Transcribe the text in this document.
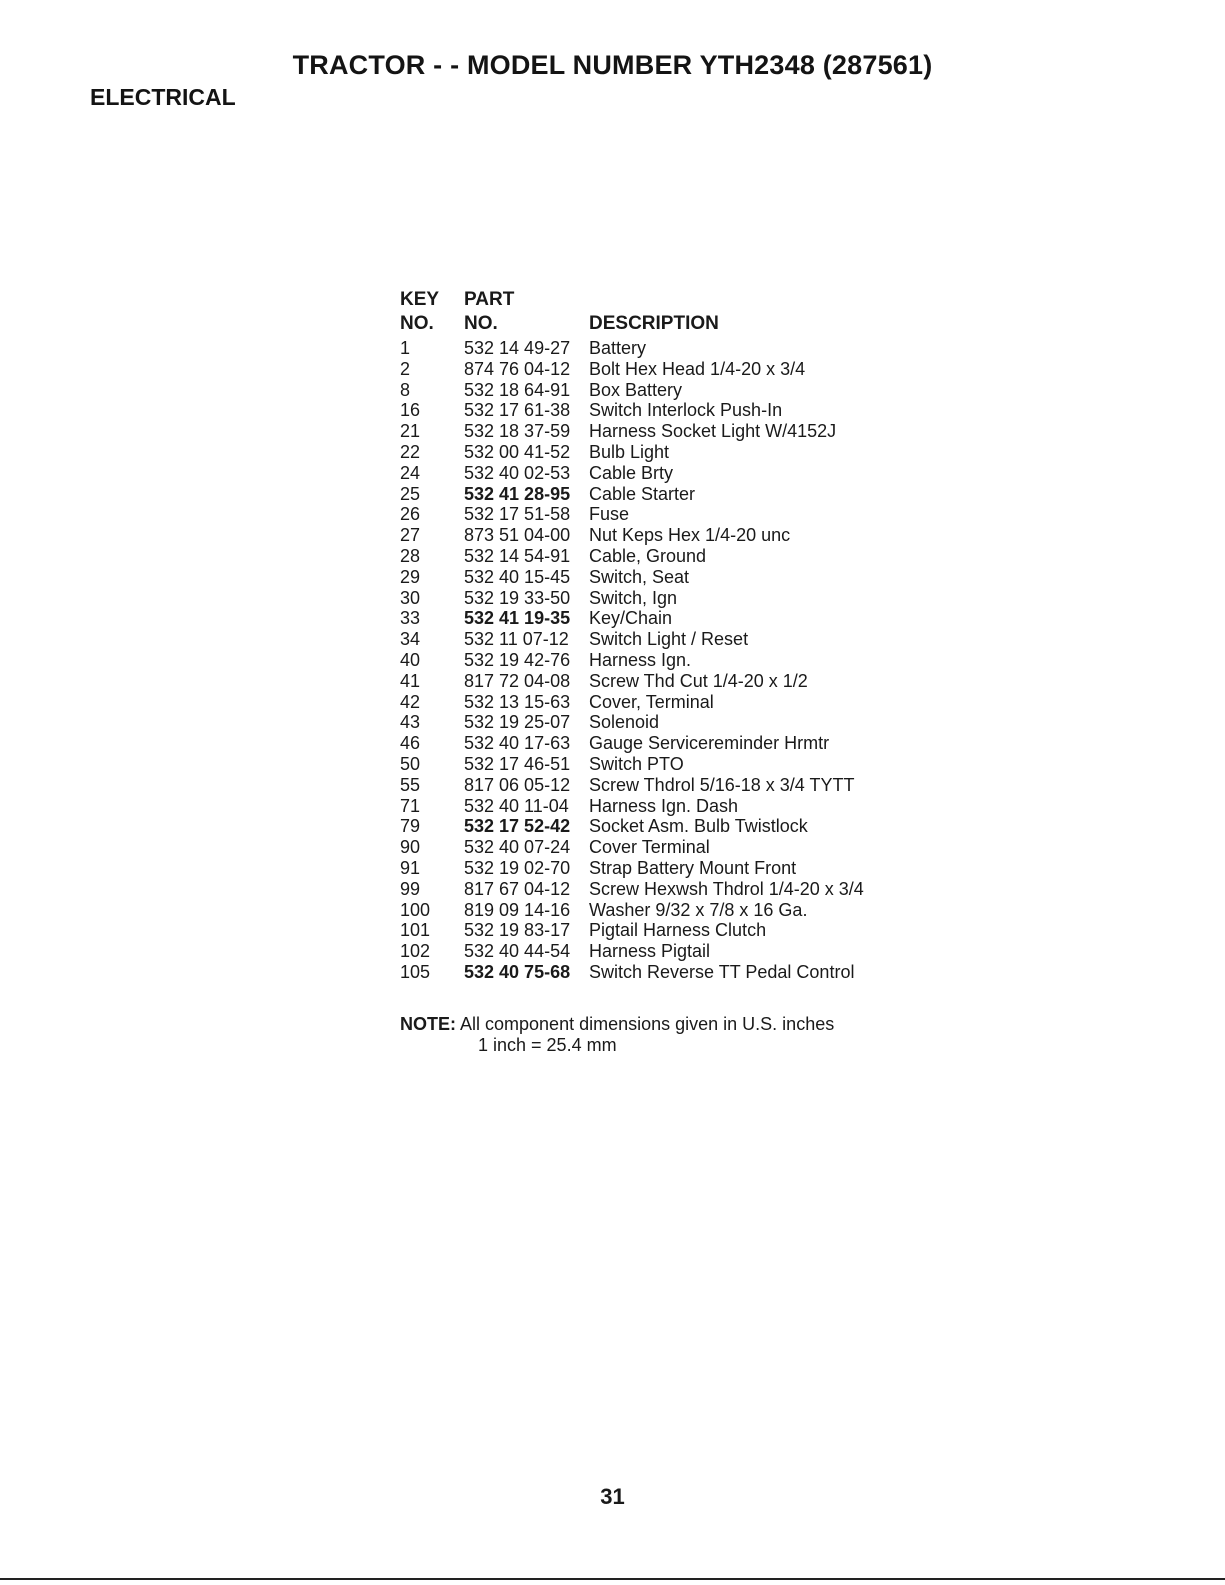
TRACTOR - - MODEL NUMBER YTH2348 (287561)
ELECTRICAL
KEY PART
NO. NO.	DESCRIPTION
1	532 14 49-27 Battery
2	874 76 04-12 Bolt Hex Head 1/4-20 x 3/4
8	532 18 64-91 Box Battery
16 532 17 61-38 Switch Interlock Push-In
21 532 18 37-59 Harness Socket Light W/4152J
22 532 00 41-52 Bulb Light
24 532 40 02-53 Cable Brty
25 532 41 28-95 Cable Starter
26 532 17 51-58 Fuse
27 873 51 04-00 Nut Keps Hex 1/4-20 unc
28 532 14 54-91 Cable, Ground
29 532 40 15-45 Switch, Seat
30 532 19 33-50 Switch, Ign
33 532 41 19-35 Key/Chain
34 532 11 07-12 Switch Light / Reset
40 532 19 42-76 Harness Ign.
41 817 72 04-08 Screw Thd Cut 1/4-20 x 1/2
42 532 13 15-63 Cover, Terminal
43 532 19 25-07 Solenoid
46 532 40 17-63 Gauge Servicereminder Hrmtr
50 532 17 46-51 Switch PTO
55 817 06 05-12 Screw Thdrol 5/16-18 x 3/4 TYTT
71 532 40 11-04 Harness Ign. Dash
79 532 17 52-42 Socket Asm. Bulb Twistlock
90 532 40 07-24 Cover Terminal
91 532 19 02-70 Strap Battery Mount Front
99 817 67 04-12 Screw Hexwsh Thdrol 1/4-20 x 3/4
100 819 09 14-16 Washer 9/32 x 7/8 x 16 Ga.
101 532 19 83-17 Pigtail Harness Clutch
102 532 40 44-54 Harness Pigtail
105 532 40 75-68 Switch Reverse TT Pedal Control
NOTE: All component dimensions given in U.S. inches
1 inch = 25.4 mm
31
